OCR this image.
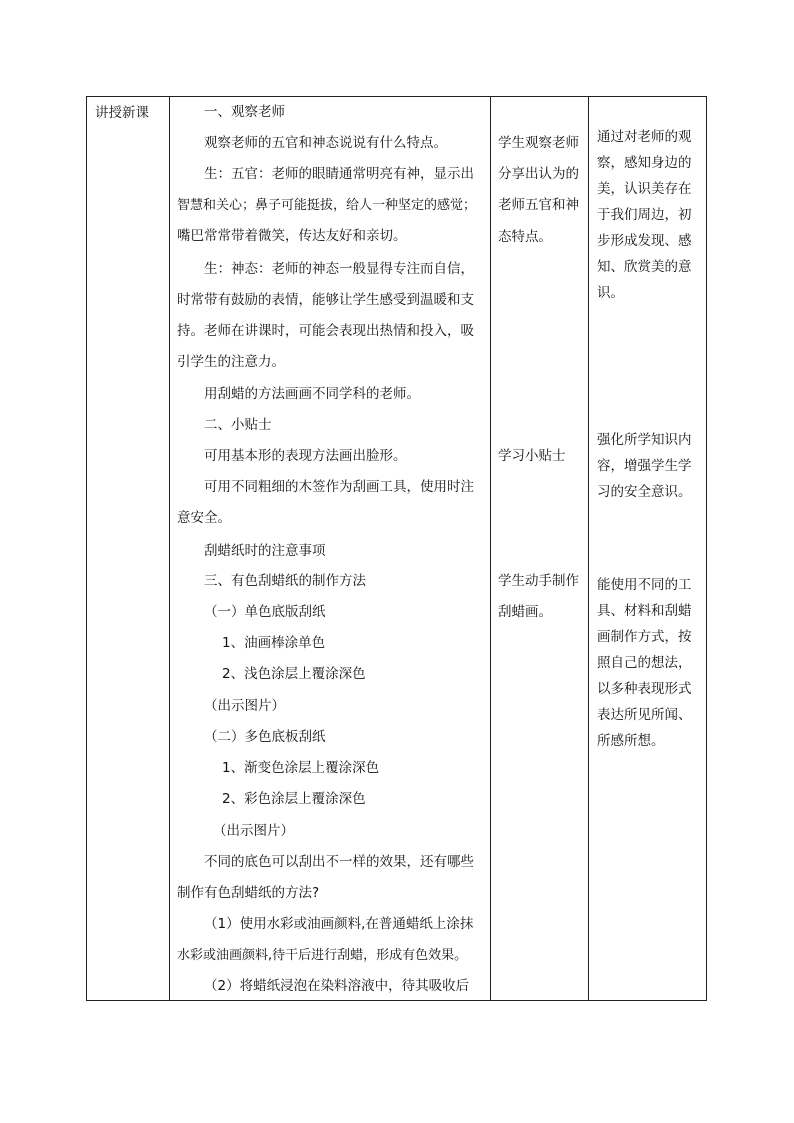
讲授新课	一、观察老师
观察老师的五官和神态说说有什么特点。
生：五官：老师的眼睛通常明亮有神，显示出
智慧和关心；鼻子可能挺拔，给人一种坚定的感觉；
嘴巴常常带着微笑，传达友好和亲切。
生：神态：老师的神态一般显得专注而自信，
时常带有鼓励的表情，能够让学生感受到温暖和支
持。老师在讲课时，可能会表现出热情和投入，吸
引学生的注意力。
用刮蜡的方法画画不同学科的老师。
二、小贴士
可用基本形的表现方法画出脸形。
可用不同粗细的木签作为刮画工具，使用时注
意安全。
刮蜡纸时的注意事项
三、有色刮蜡纸的制作方法
（一）单色底版刮纸
1、油画棒涂单色
2、浅色涂层上覆涂深色
（出示图片）
（二）多色底板刮纸
1、渐变色涂层上覆涂深色
2、彩色涂层上覆涂深色
（出示图片）
不同的底色可以刮出不一样的效果，还有哪些
制作有色刮蜡纸的方法?
（1）使用水彩或油画颜料,在普通蜡纸上涂抹
水彩或油画颜料,待干后进行刮蜡，形成有色效果。
（2）将蜡纸浸泡在染料溶液中，待其吸收后
学生观察老师
分享出认为的
老师五官和神
态特点。
学习小贴士
学生动手制作
刮蜡画。
通过对老师的观
察，感知身边的
美，认识美存在
于我们周边，初
步形成发现、感
知、欣赏美的意
识。
强化所学知识内
容，增强学生学
习的安全意识。
能使用不同的工
具、材料和刮蜡
画制作方式，按
照自己的想法，
以多种表现形式
表达所见所闻、
所感所想。
